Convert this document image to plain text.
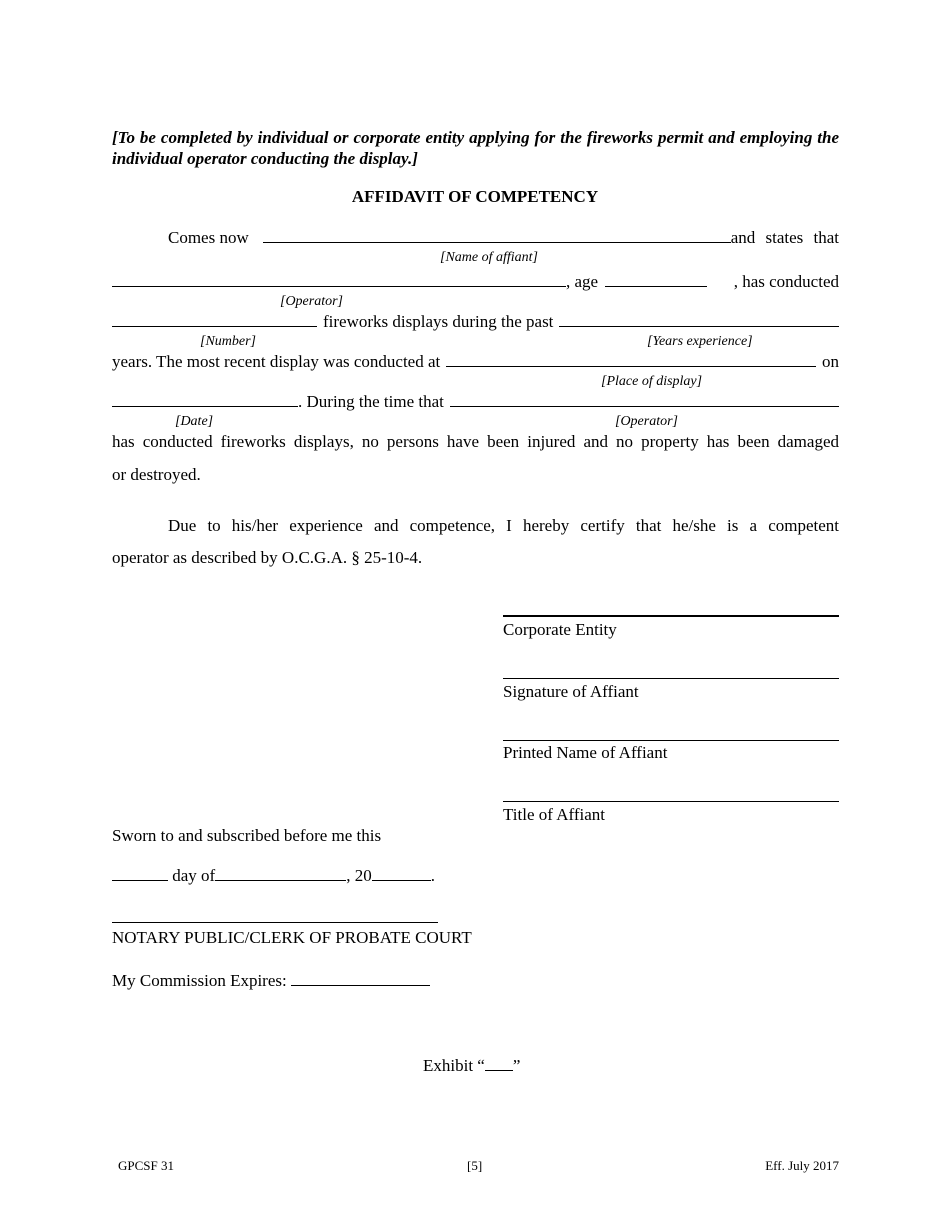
[To be completed by individual or corporate entity applying for the fireworks permit and employing the individual operator conducting the display.]
AFFIDAVIT OF COMPETENCY
Comes now	and states that
[Name of affiant]
, age	, has conducted
[Operator]
fireworks displays during the past
[Number]	[Years experience]
years. The most recent display was conducted at	on
[Place of display]
. During the time that
[Date]	[Operator]
has conducted fireworks displays, no persons have been injured and no property has been damaged
or destroyed.
Due to his/her experience and competence, I hereby certify that he/she is a competent
operator as described by O.C.G.A. § 25-10-4.
Corporate Entity
Signature of Affiant
Printed Name of Affiant
Title of Affiant
Sworn to and subscribed before me this
day of	, 20	.
NOTARY PUBLIC/CLERK OF PROBATE COURT
My Commission Expires:
Exhibit “ ”
GPCSF 31	[5]	Eff. July 2017
